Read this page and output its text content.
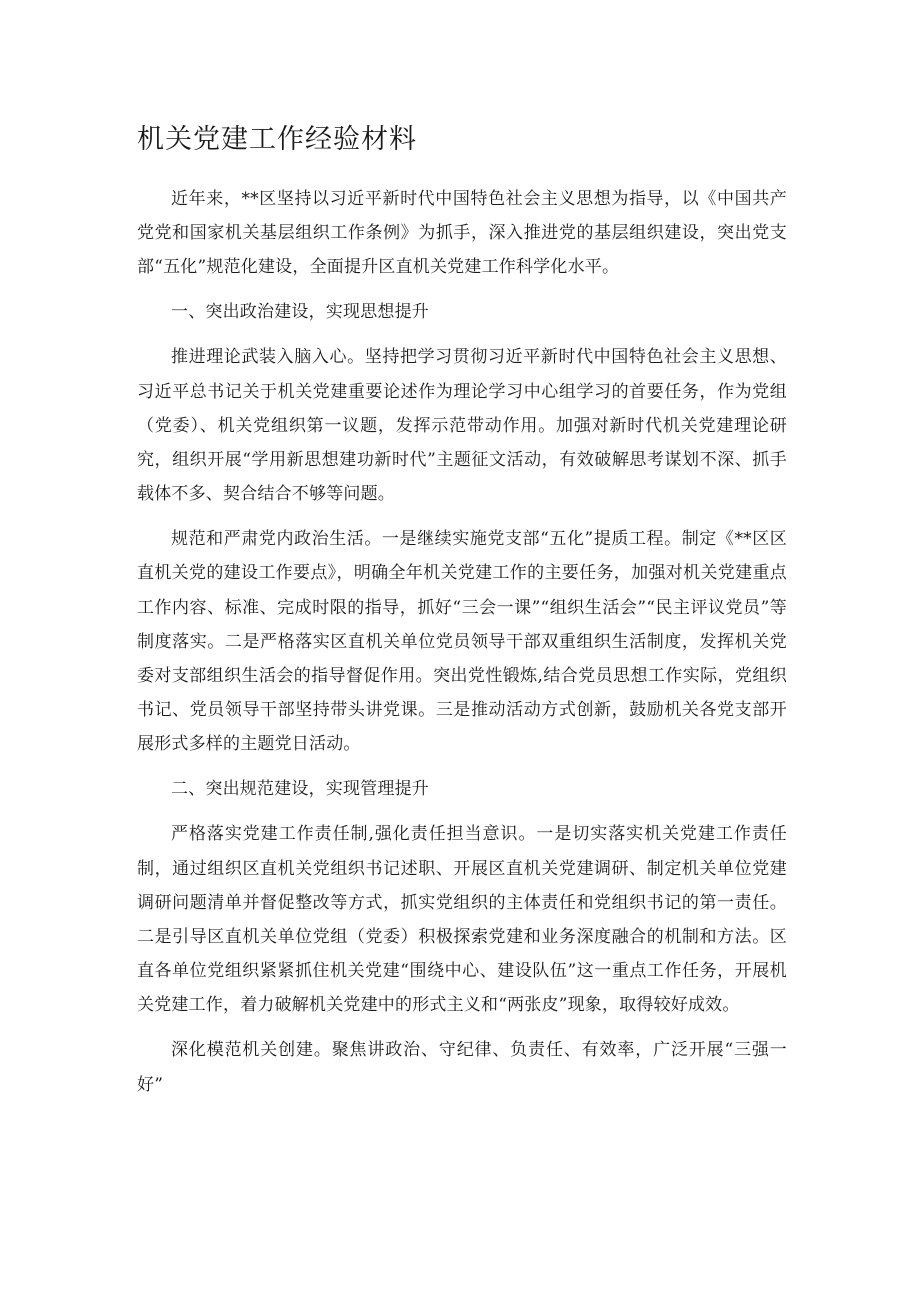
机关党建工作经验材料

近年来，**区坚持以习近平新时代中国特色社会主义思想为指导，以《中国共产党党和国家机关基层组织工作条例》为抓手，深入推进党的基层组织建设，突出党支部“五化”规范化建设，全面提升区直机关党建工作科学化水平。

一、突出政治建设，实现思想提升

推进理论武装入脑入心。坚持把学习贯彻习近平新时代中国特色社会主义思想、习近平总书记关于机关党建重要论述作为理论学习中心组学习的首要任务，作为党组（党委）、机关党组织第一议题，发挥示范带动作用。加强对新时代机关党建理论研究，组织开展“学用新思想建功新时代”主题征文活动，有效破解思考谋划不深、抓手载体不多、契合结合不够等问题。

规范和严肃党内政治生活。一是继续实施党支部“五化”提质工程。制定《**区区直机关党的建设工作要点》，明确全年机关党建工作的主要任务，加强对机关党建重点工作内容、标准、完成时限的指导，抓好“三会一课”“组织生活会”“民主评议党员”等制度落实。二是严格落实区直机关单位党员领导干部双重组织生活制度，发挥机关党委对支部组织生活会的指导督促作用。突出党性锻炼,结合党员思想工作实际，党组织书记、党员领导干部坚持带头讲党课。三是推动活动方式创新，鼓励机关各党支部开展形式多样的主题党日活动。

二、突出规范建设，实现管理提升

严格落实党建工作责任制,强化责任担当意识。一是切实落实机关党建工作责任制，通过组织区直机关党组织书记述职、开展区直机关党建调研、制定机关单位党建调研问题清单并督促整改等方式，抓实党组织的主体责任和党组织书记的第一责任。二是引导区直机关单位党组（党委）积极探索党建和业务深度融合的机制和方法。区直各单位党组织紧紧抓住机关党建“围绕中心、建设队伍”这一重点工作任务，开展机关党建工作，着力破解机关党建中的形式主义和“两张皮”现象，取得较好成效。

深化模范机关创建。聚焦讲政治、守纪律、负责任、有效率，广泛开展“三强一好”
